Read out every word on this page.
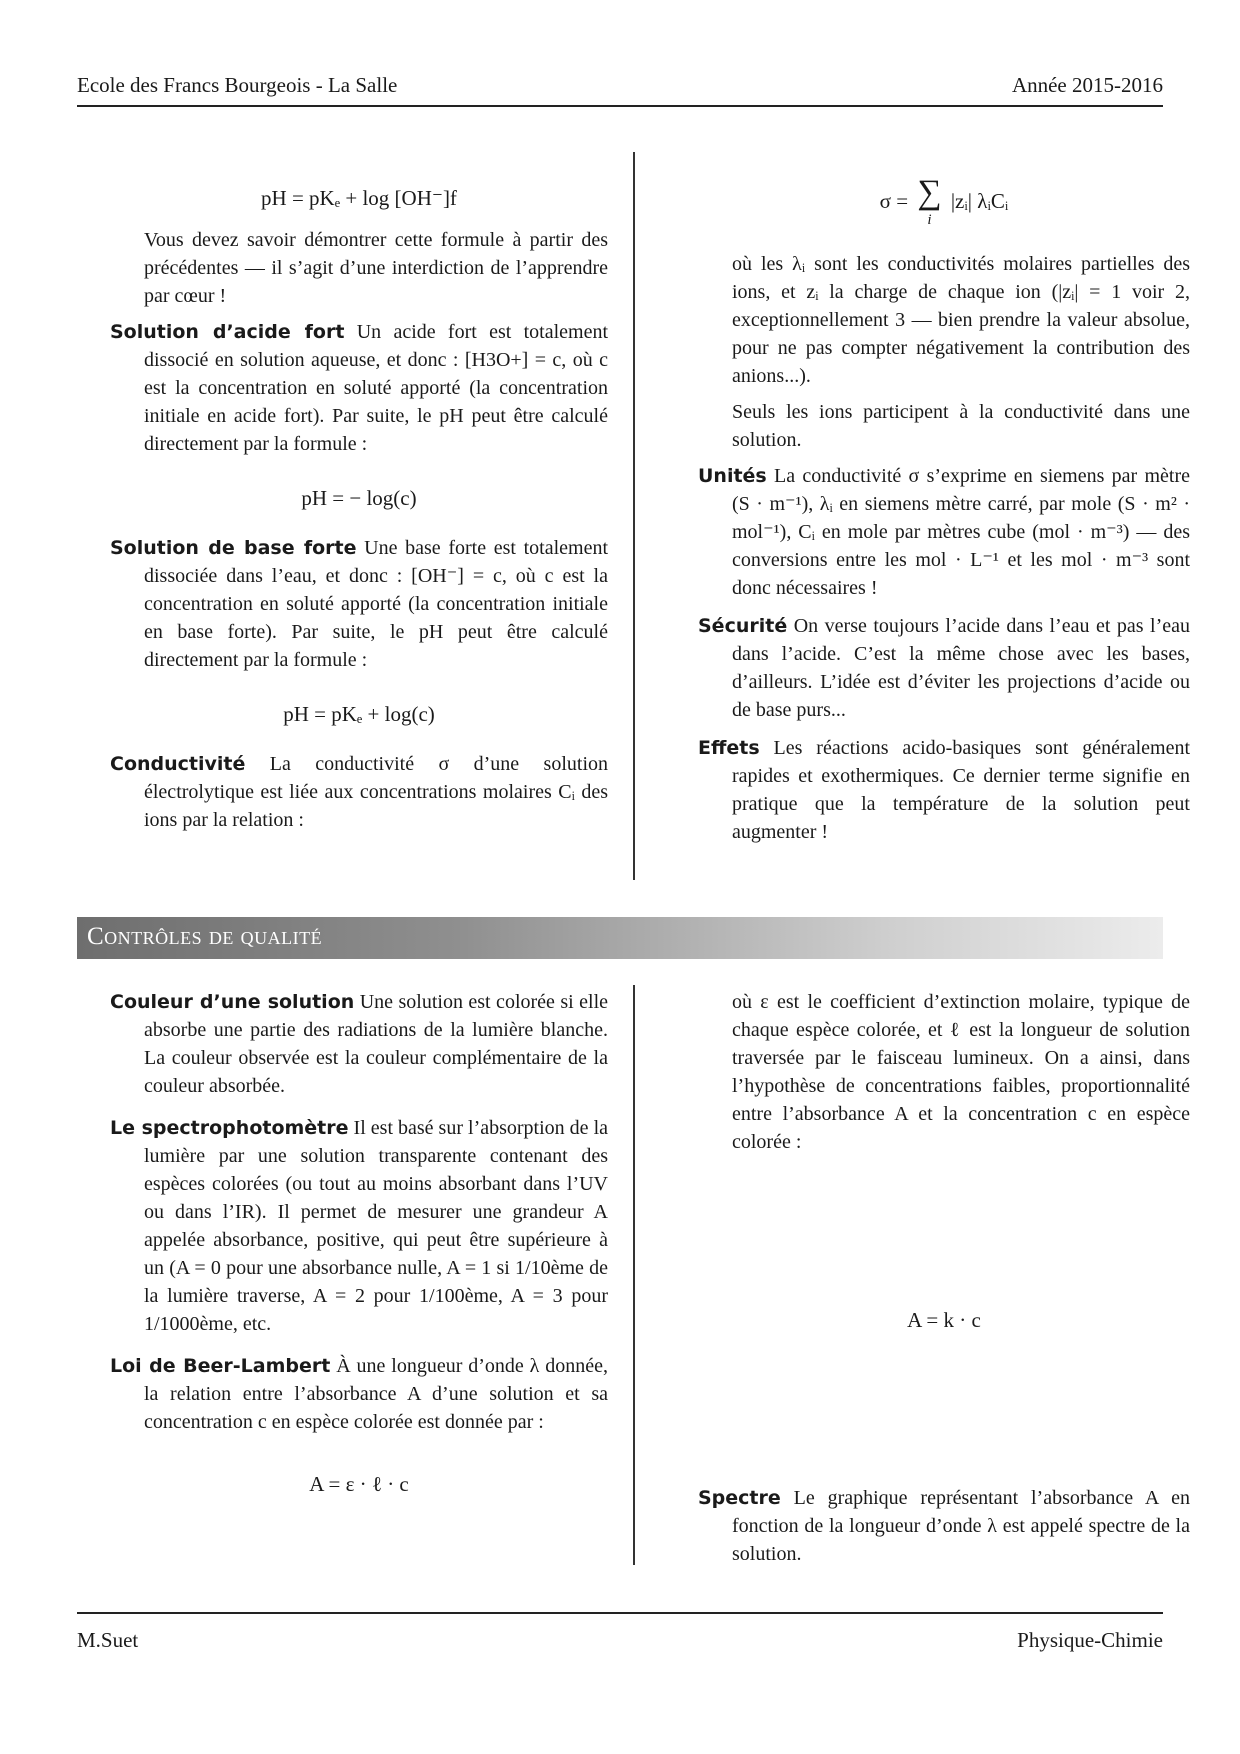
Ecole des Francs Bourgeois - La Salle	Année 2015-2016
pH = pKₑ + log [OH⁻]f

Vous devez savoir démontrer cette formule à partir des précédentes — il s’agit d’une interdiction de l’apprendre par cœur !

Solution d’acide fort Un acide fort est totalement dissocié en solution aqueuse, et donc : [H3O+] = c, où c est la concentration en soluté apporté (la concentration initiale en acide fort). Par suite, le pH peut être calculé directement par la formule :

pH = − log(c)

Solution de base forte Une base forte est totalement dissociée dans l’eau, et donc : [OH⁻] = c, où c est la concentration en soluté apporté (la concentration initiale en base forte). Par suite, le pH peut être calculé directement par la formule :

pH = pKₑ + log(c)

Conductivité La conductivité σ d’une solution électrolytique est liée aux concentrations molaires Cᵢ des ions par la relation :

σ = ∑
i
|zᵢ| λᵢCᵢ

où les λᵢ sont les conductivités molaires partielles des ions, et zᵢ la charge de chaque ion (|zᵢ| = 1 voir 2, exceptionnellement 3 — bien prendre la valeur absolue, pour ne pas compter négativement la contribution des anions...).

Seuls les ions participent à la conductivité dans une solution.

Unités La conductivité σ s’exprime en siemens par mètre (S · m⁻¹), λᵢ en siemens mètre carré, par mole (S · m² · mol⁻¹), Cᵢ en mole par mètres cube (mol · m⁻³) — des conversions entre les mol · L⁻¹ et les mol · m⁻³ sont donc nécessaires !

Sécurité On verse toujours l’acide dans l’eau et pas l’eau dans l’acide. C’est la même chose avec les bases, d’ailleurs. L’idée est d’éviter les projections d’acide ou de base purs...

Effets Les réactions acido-basiques sont généralement rapides et exothermiques. Ce dernier terme signifie en pratique que la température de la solution peut augmenter !

Contrôles de qualité

Couleur d’une solution Une solution est colorée si elle absorbe une partie des radiations de la lumière blanche. La couleur observée est la couleur complémentaire de la couleur absorbée.

Le spectrophotomètre Il est basé sur l’absorption de la lumière par une solution transparente contenant des espèces colorées (ou tout au moins absorbant dans l’UV ou dans l’IR). Il permet de mesurer une grandeur A appelée absorbance, positive, qui peut être supérieure à un (A = 0 pour une absorbance nulle, A = 1 si 1/10ème de la lumière traverse, A = 2 pour 1/100ème, A = 3 pour 1/1000ème, etc.

Loi de Beer-Lambert À une longueur d’onde λ donnée, la relation entre l’absorbance A d’une solution et sa concentration c en espèce colorée est donnée par :

A = ε · ℓ · c

où ε est le coefficient d’extinction molaire, typique de chaque espèce colorée, et ℓ est la longueur de solution traversée par le faisceau lumineux. On a ainsi, dans l’hypothèse de concentrations faibles, proportionnalité entre l’absorbance A et la concentration c en espèce colorée :

A = k · c

Spectre Le graphique représentant l’absorbance A en fonction de la longueur d’onde λ est appelé spectre de la solution.

M.Suet	Physique-Chimie
